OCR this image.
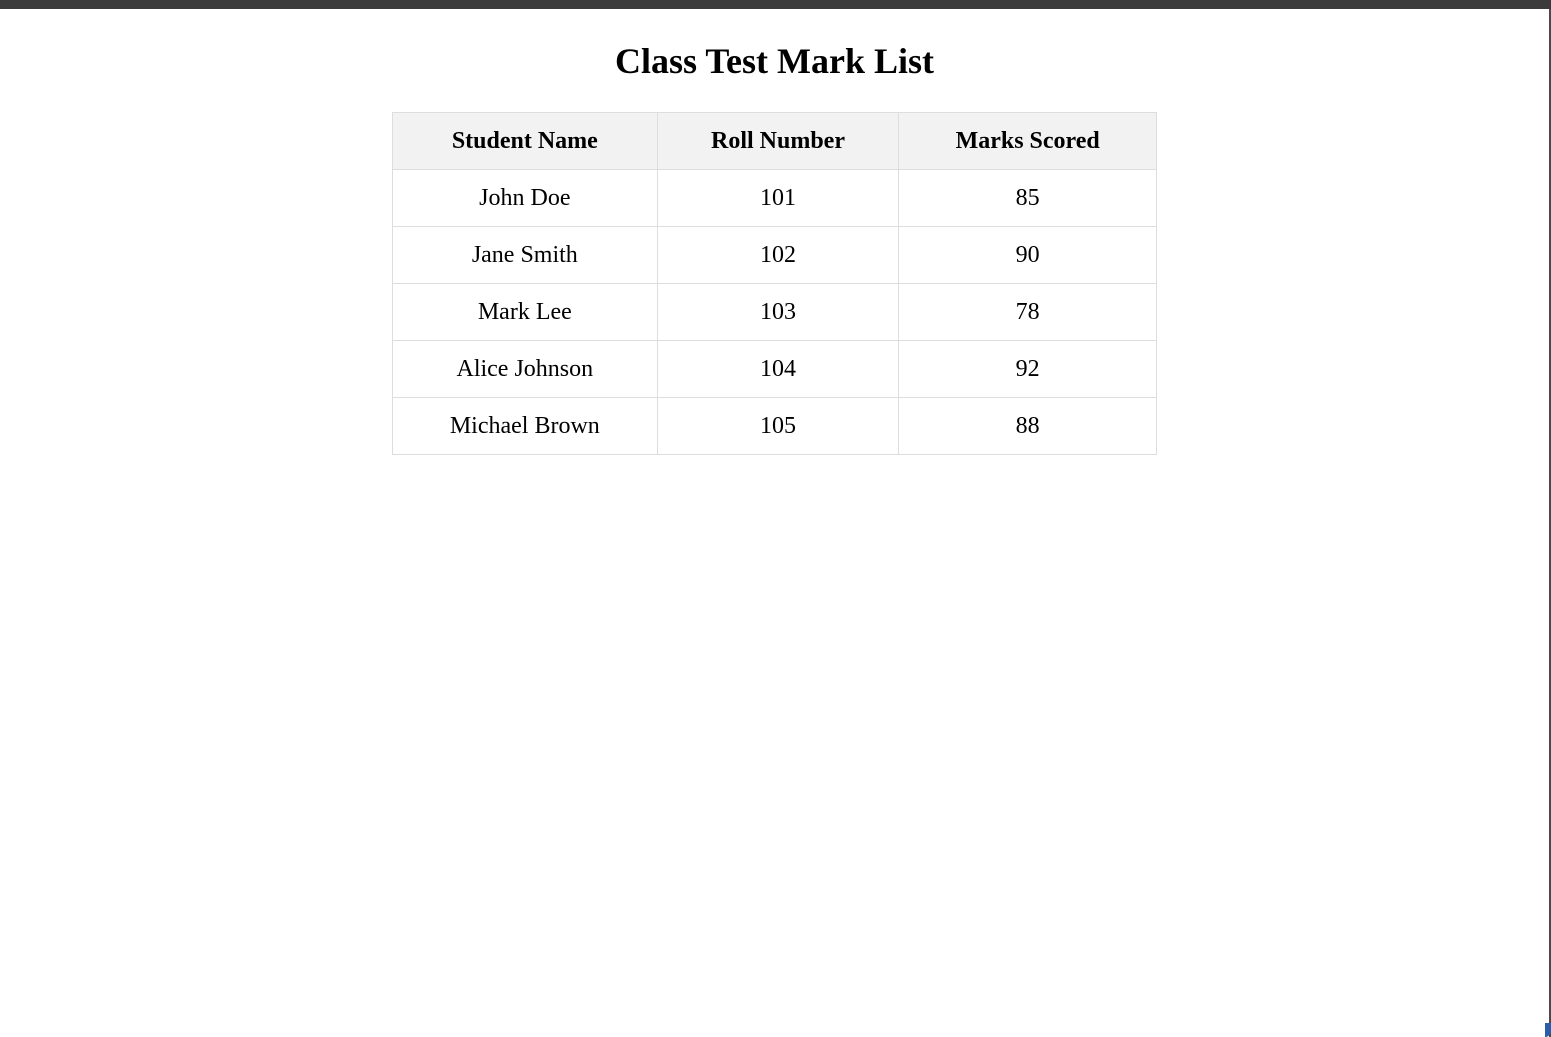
Class Test Mark List
Student Name	Roll Number	Marks Scored
John Doe	101	85
Jane Smith	102	90
Mark Lee	103	78
Alice Johnson	104	92
Michael Brown	105	88
